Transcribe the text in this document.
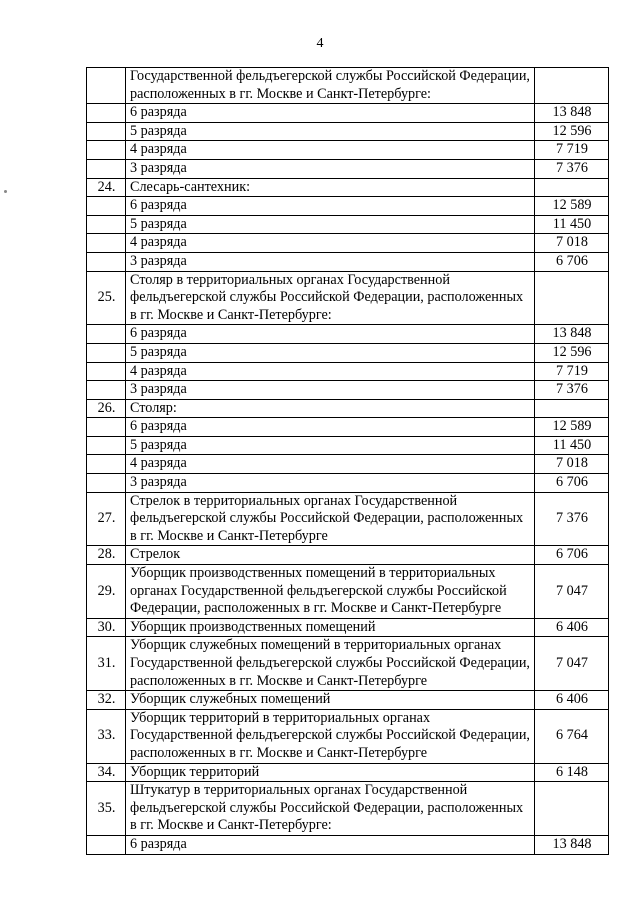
4
	Государственной фельдъегерской службы Российской Федерации, расположенных в гг. Москве и Санкт-Петербурге:	
	6 разряда	13 848
	5 разряда	12 596
	4 разряда	7 719
	3 разряда	7 376
24.	Слесарь-сантехник:	
	6 разряда	12 589
	5 разряда	11 450
	4 разряда	7 018
	3 разряда	6 706
25.	Столяр в территориальных органах Государственной фельдъегерской службы Российской Федерации, расположенных в гг. Москве и Санкт-Петербурге:	
	6 разряда	13 848
	5 разряда	12 596
	4 разряда	7 719
	3 разряда	7 376
26.	Столяр:	
	6 разряда	12 589
	5 разряда	11 450
	4 разряда	7 018
	3 разряда	6 706
27.	Стрелок в территориальных органах Государственной фельдъегерской службы Российской Федерации, расположенных в гг. Москве и Санкт-Петербурге	7 376
28.	Стрелок	6 706
29.	Уборщик производственных помещений в территориальных органах Государственной фельдъегерской службы Российской Федерации, расположенных в гг. Москве и Санкт-Петербурге	7 047
30.	Уборщик производственных помещений	6 406
31.	Уборщик служебных помещений в территориальных органах Государственной фельдъегерской службы Российской Федерации, расположенных в гг. Москве и Санкт-Петербурге	7 047
32.	Уборщик служебных помещений	6 406
33.	Уборщик территорий в территориальных органах Государственной фельдъегерской службы Российской Федерации, расположенных в гг. Москве и Санкт-Петербурге	6 764
34.	Уборщик территорий	6 148
35.	Штукатур в территориальных органах Государственной фельдъегерской службы Российской Федерации, расположенных в гг. Москве и Санкт-Петербурге:	
	6 разряда	13 848
